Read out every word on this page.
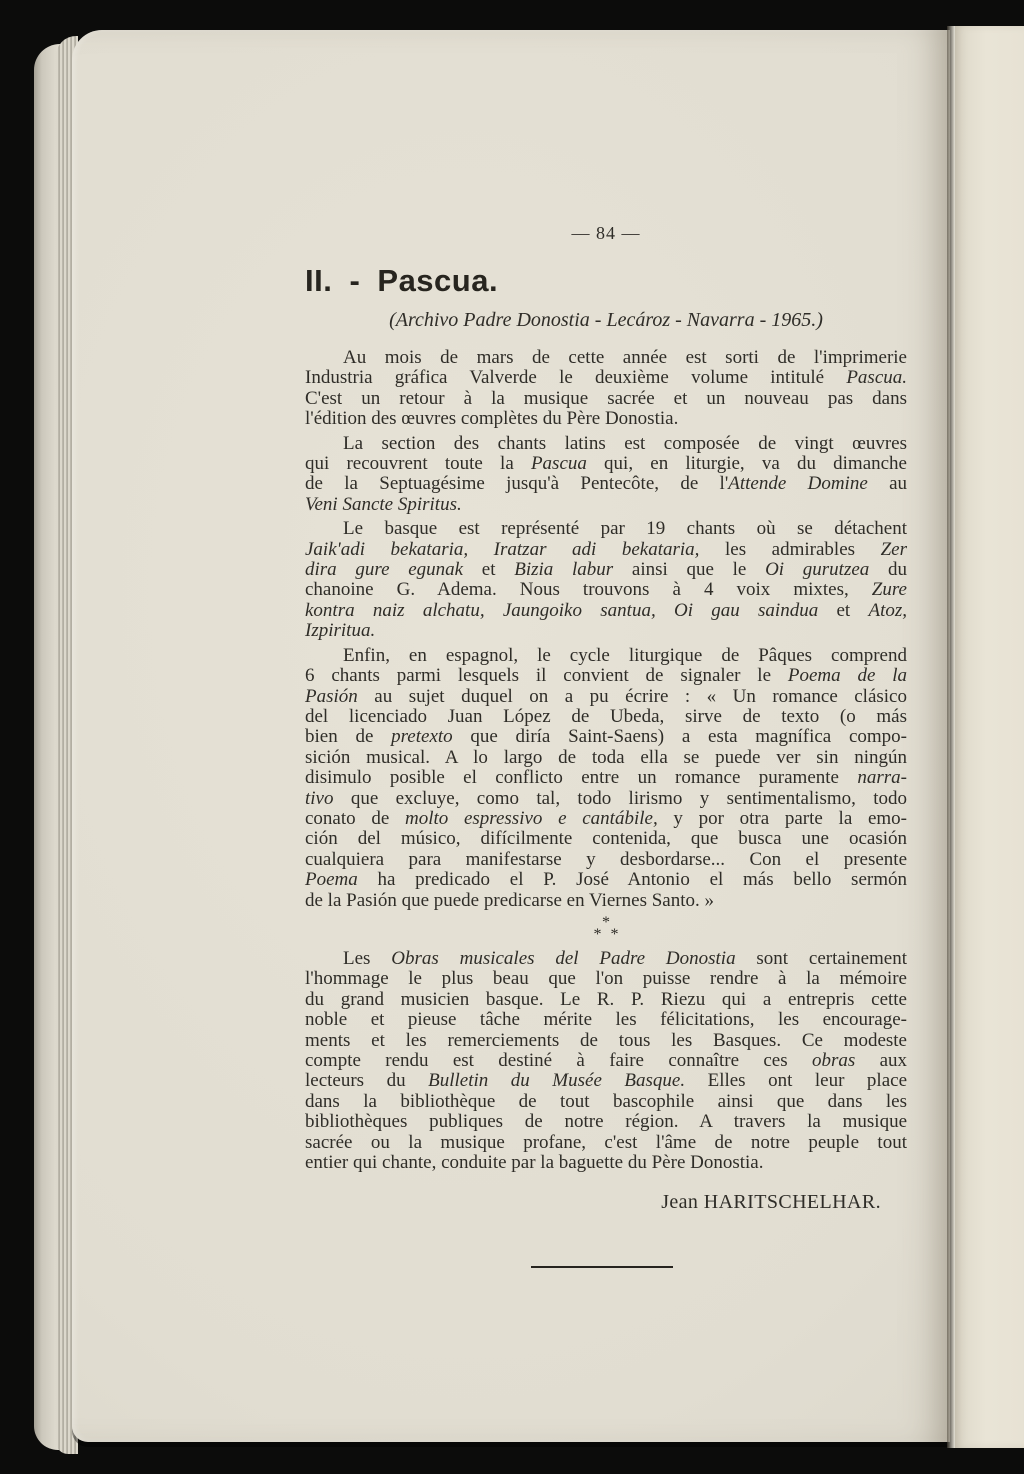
— 84 —
II. - Pascua.
(Archivo Padre Donostia - Lecároz - Navarra - 1965.)
Au mois de mars de cette année est sorti de l'imprimerie
Industria gráfica Valverde le deuxième volume intitulé Pascua.
C'est un retour à la musique sacrée et un nouveau pas dans
l'édition des œuvres complètes du Père Donostia.
La section des chants latins est composée de vingt œuvres
qui recouvrent toute la Pascua qui, en liturgie, va du dimanche
de la Septuagésime jusqu'à Pentecôte, de l'Attende Domine au
Veni Sancte Spiritus.
Le basque est représenté par 19 chants où se détachent
Jaik'adi bekataria, Iratzar adi bekataria, les admirables Zer
dira gure egunak et Bizia labur ainsi que le Oi gurutzea du
chanoine G. Adema. Nous trouvons à 4 voix mixtes, Zure
kontra naiz alchatu, Jaungoiko santua, Oi gau saindua et Atoz,
Izpiritua.
Enfin, en espagnol, le cycle liturgique de Pâques comprend
6 chants parmi lesquels il convient de signaler le Poema de la
Pasión au sujet duquel on a pu écrire : « Un romance clásico
del licenciado Juan López de Ubeda, sirve de texto (o más
bien de pretexto que diría Saint-Saens) a esta magnífica compo-
sición musical. A lo largo de toda ella se puede ver sin ningún
disimulo posible el conflicto entre un romance puramente narra-
tivo que excluye, como tal, todo lirismo y sentimentalismo, todo
conato de molto espressivo e cantábile, y por otra parte la emo-
ción del músico, difícilmente contenida, que busca une ocasión
cualquiera para manifestarse y desbordarse... Con el presente
Poema ha predicado el P. José Antonio el más bello sermón
de la Pasión que puede predicarse en Viernes Santo. »
*
* *
Les Obras musicales del Padre Donostia sont certainement
l'hommage le plus beau que l'on puisse rendre à la mémoire
du grand musicien basque. Le R. P. Riezu qui a entrepris cette
noble et pieuse tâche mérite les félicitations, les encourage-
ments et les remerciements de tous les Basques. Ce modeste
compte rendu est destiné à faire connaître ces obras aux
lecteurs du Bulletin du Musée Basque. Elles ont leur place
dans la bibliothèque de tout bascophile ainsi que dans les
bibliothèques publiques de notre région. A travers la musique
sacrée ou la musique profane, c'est l'âme de notre peuple tout
entier qui chante, conduite par la baguette du Père Donostia.
Jean HARITSCHELHAR.
